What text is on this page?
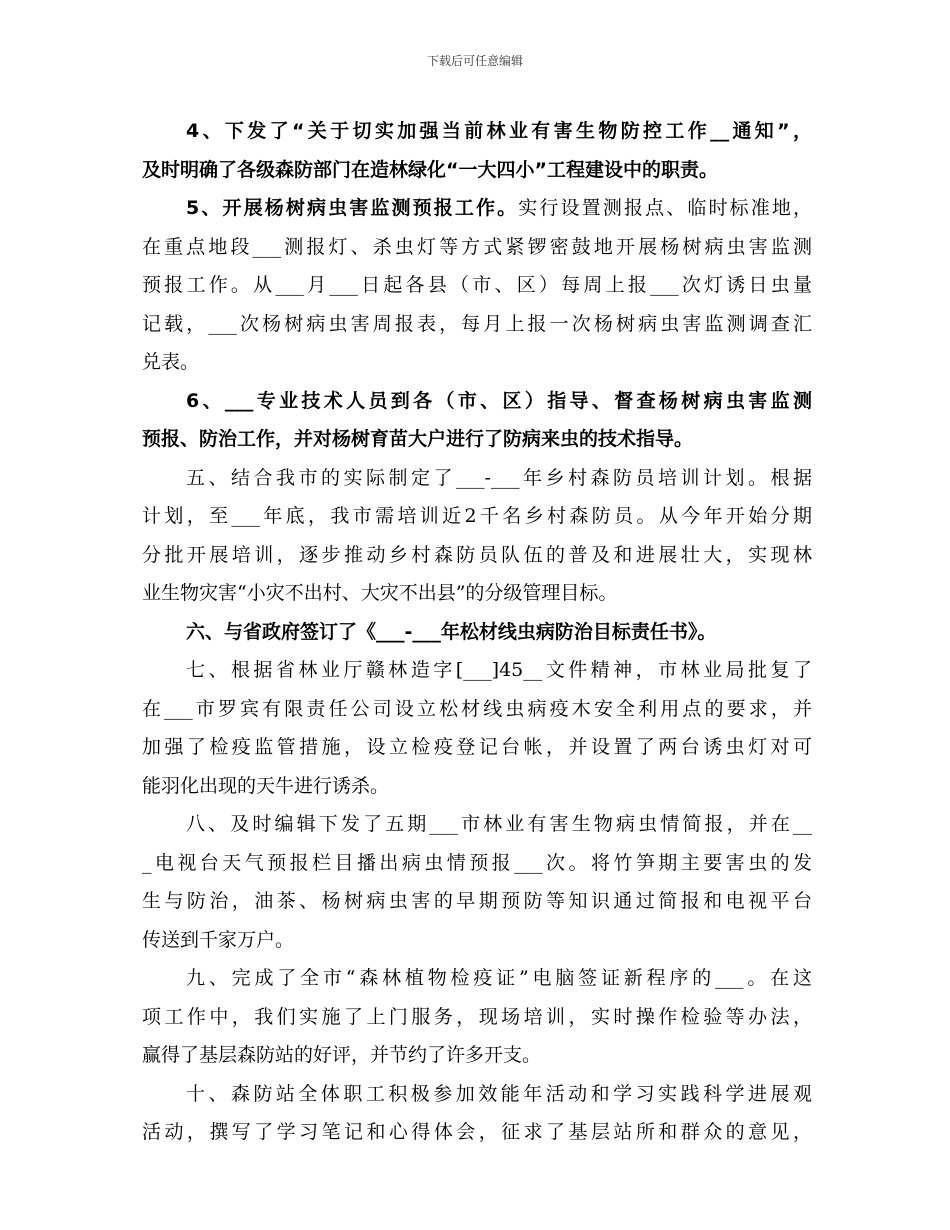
下载后可任意编辑
4、下发了“关于切实加强当前林业有害生物防控工作__通知”，
及时明确了各级森防部门在造林绿化“一大四小”工程建设中的职责。
5、开展杨树病虫害监测预报工作。实行设置测报点、临时标准地，
在重点地段___测报灯、杀虫灯等方式紧锣密鼓地开展杨树病虫害监测
预报工作。从___月___日起各县（市、区）每周上报___次灯诱日虫量
记载，___次杨树病虫害周报表，每月上报一次杨树病虫害监测调查汇
兑表。
6、___专业技术人员到各（市、区）指导、督查杨树病虫害监测
预报、防治工作，并对杨树育苗大户进行了防病来虫的技术指导。
五、结合我市的实际制定了___-___年乡村森防员培训计划。根据
计划，至___年底，我市需培训近2千名乡村森防员。从今年开始分期
分批开展培训，逐步推动乡村森防员队伍的普及和进展壮大，实现林
业生物灾害“小灾不出村、大灾不出县”的分级管理目标。
六、与省政府签订了《___-___年松材线虫病防治目标责任书》。
七、根据省林业厅赣林造字[___]45__文件精神，市林业局批复了
在___市罗宾有限责任公司设立松材线虫病疫木安全利用点的要求，并
加强了检疫监管措施，设立检疫登记台帐，并设置了两台诱虫灯对可
能羽化出现的天牛进行诱杀。
八、及时编辑下发了五期___市林业有害生物病虫情简报，并在__
_电视台天气预报栏目播出病虫情预报___次。将竹笋期主要害虫的发
生与防治，油茶、杨树病虫害的早期预防等知识通过简报和电视平台
传送到千家万户。
九、完成了全市“森林植物检疫证”电脑签证新程序的___。在这
项工作中，我们实施了上门服务，现场培训，实时操作检验等办法，
赢得了基层森防站的好评，并节约了许多开支。
十、森防站全体职工积极参加效能年活动和学习实践科学进展观
活动，撰写了学习笔记和心得体会，征求了基层站所和群众的意见，
